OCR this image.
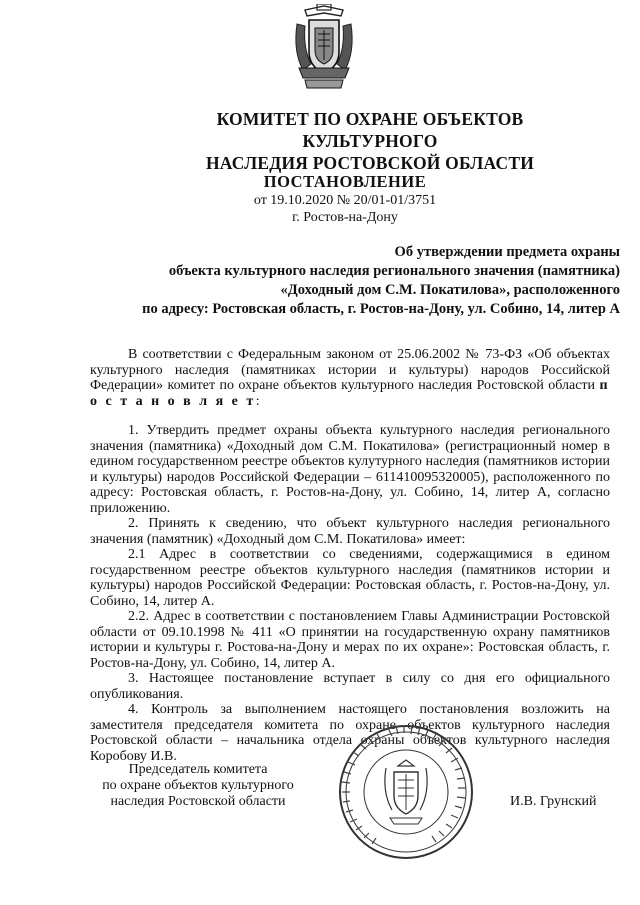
КОМИТЕТ ПО ОХРАНЕ ОБЪЕКТОВ КУЛЬТУРНОГО
НАСЛЕДИЯ РОСТОВСКОЙ ОБЛАСТИ
ПОСТАНОВЛЕНИЕ
от 19.10.2020 № 20/01-01/3751
г. Ростов-на-Дону
Об утверждении предмета охраны
объекта культурного наследия регионального значения (памятника)
«Доходный дом С.М. Покатилова», расположенного
по адресу: Ростовская область, г. Ростов-на-Дону, ул. Собино, 14, литер А

В соответствии с Федеральным законом от 25.06.2002 № 73-ФЗ «Об объектах культурного наследия (памятниках истории и культуры) народов Российской Федерации» комитет по охране объектов культурного наследия Ростовской области п о с т а н о в л я е т:

1. Утвердить предмет охраны объекта культурного наследия регионального значения (памятника) «Доходный дом С.М. Покатилова» (регистрационный номер в едином государственном реестре объектов кулутурного наследия (памятников истории и культуры) народов Российской Федерации – 611410095320005), расположенного по адресу: Ростовская область, г. Ростов-на-Дону, ул. Собино, 14, литер А, согласно приложению.

2. Принять к сведению, что объект культурного наследия регионального значения (памятник) «Доходный дом С.М. Покатилова» имеет:

2.1 Адрес в соответствии со сведениями, содержащимися в едином государственном реестре объектов культурного наследия (памятников истории и культуры) народов Российской Федерации: Ростовская область, г. Ростов-на-Дону, ул. Собино, 14, литер А.

2.2. Адрес в соответствии с постановлением Главы Администрации Ростовской области от 09.10.1998 № 411 «О принятии на государственную охрану памятников истории и культуры г. Ростова-на-Дону и мерах по их охране»: Ростовская область, г. Ростов-на-Дону, ул. Собино, 14, литер А.

3. Настоящее постановление вступает в силу со дня его официального опубликования.

4. Контроль за выполнением настоящего постановления возложить на заместителя председателя комитета по охране объектов культурного наследия Ростовской области – начальника отдела охраны объектов культурного наследия Коробову И.В.

Председатель комитета
по охране объектов культурного
наследия Ростовской области	И.В. Грунский
